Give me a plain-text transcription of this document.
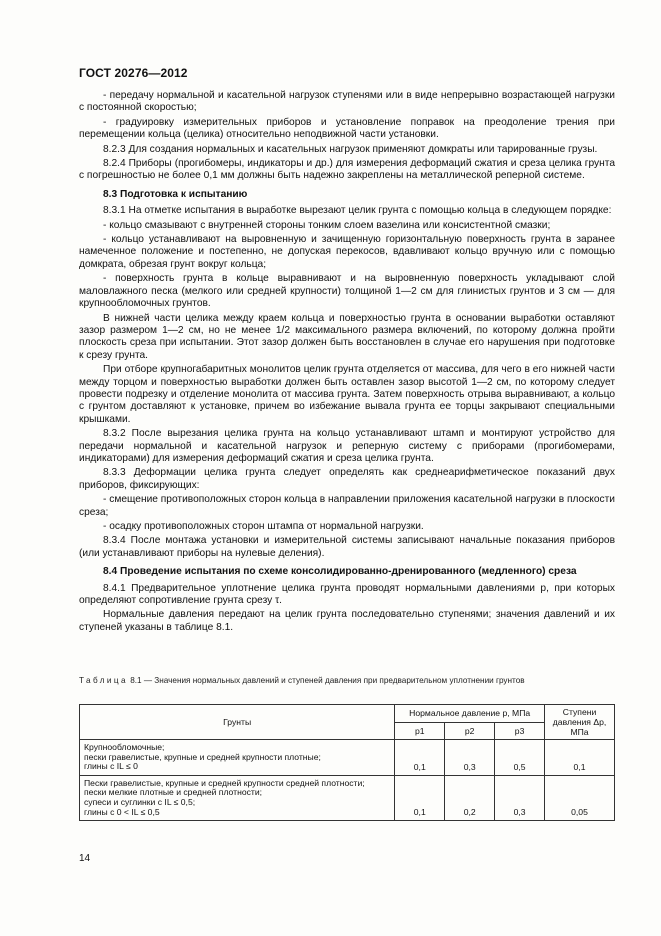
ГОСТ 20276—2012

- передачу нормальной и касательной нагрузок ступенями или в виде непрерывно возрастающей нагрузки с постоянной скоростью;

- градуировку измерительных приборов и установление поправок на преодоление трения при перемещении кольца (целика) относительно неподвижной части установки.

8.2.3 Для создания нормальных и касательных нагрузок применяют домкраты или тарированные грузы.

8.2.4 Приборы (прогибомеры, индикаторы и др.) для измерения деформаций сжатия и среза целика грунта с погрешностью не более 0,1 мм должны быть надежно закреплены на металлической реперной системе.

8.3 Подготовка к испытанию

8.3.1 На отметке испытания в выработке вырезают целик грунта с помощью кольца в следующем порядке:

- кольцо смазывают с внутренней стороны тонким слоем вазелина или консистентной смазки;

- кольцо устанавливают на выровненную и зачищенную горизонтальную поверхность грунта в заранее намеченное положение и постепенно, не допуская перекосов, вдавливают кольцо вручную или с помощью домкрата, обрезая грунт вокруг кольца;

- поверхность грунта в кольце выравнивают и на выровненную поверхность укладывают слой маловлажного песка (мелкого или средней крупности) толщиной 1—2 см для глинистых грунтов и 3 см — для крупнообломочных грунтов.

В нижней части целика между краем кольца и поверхностью грунта в основании выработки оставляют зазор размером 1—2 см, но не менее 1/2 максимального размера включений, по которому должна пройти плоскость среза при испытании. Этот зазор должен быть восстановлен в случае его нарушения при подготовке к срезу грунта.

При отборе крупногабаритных монолитов целик грунта отделяется от массива, для чего в его нижней части между торцом и поверхностью выработки должен быть оставлен зазор высотой 1—2 см, по которому следует провести подрезку и отделение монолита от массива грунта. Затем поверхность отрыва выравнивают, а кольцо с грунтом доставляют к установке, причем во избежание вывала грунта ее торцы закрывают специальными крышками.

8.3.2 После вырезания целика грунта на кольцо устанавливают штамп и монтируют устройство для передачи нормальной и касательной нагрузок и реперную систему с приборами (прогибомерами, индикаторами) для измерения деформаций сжатия и среза целика грунта.

8.3.3 Деформации целика грунта следует определять как среднеарифметическое показаний двух приборов, фиксирующих:

- смещение противоположных сторон кольца в направлении приложения касательной нагрузки в плоскости среза;

- осадку противоположных сторон штампа от нормальной нагрузки.

8.3.4 После монтажа установки и измерительной системы записывают начальные показания приборов (или устанавливают приборы на нулевые деления).

8.4 Проведение испытания по схеме консолидированно-дренированного (медленного) среза

8.4.1 Предварительное уплотнение целика грунта проводят нормальными давлениями p, при которых определяют сопротивление грунта срезу τ.

Нормальные давления передают на целик грунта последовательно ступенями; значения давлений и их ступеней указаны в таблице 8.1.

Таблица 8.1 — Значения нормальных давлений и ступеней давления при предварительном уплотнении грунтов
Грунты	Нормальное давление p, МПа			Ступени давления Δp, МПа
	p1	p2	p3	

Крупнообломочные;
пески гравелистые, крупные и средней крупности плотные;
глины с IL ≤ 0	0,1	0,3	0,5	0,1

Пески гравелистые, крупные и средней крупности средней плотности;
пески мелкие плотные и средней плотности;
супеси и суглинки с IL ≤ 0,5;
глины с 0 < IL ≤ 0,5	0,1	0,2	0,3	0,05
14
